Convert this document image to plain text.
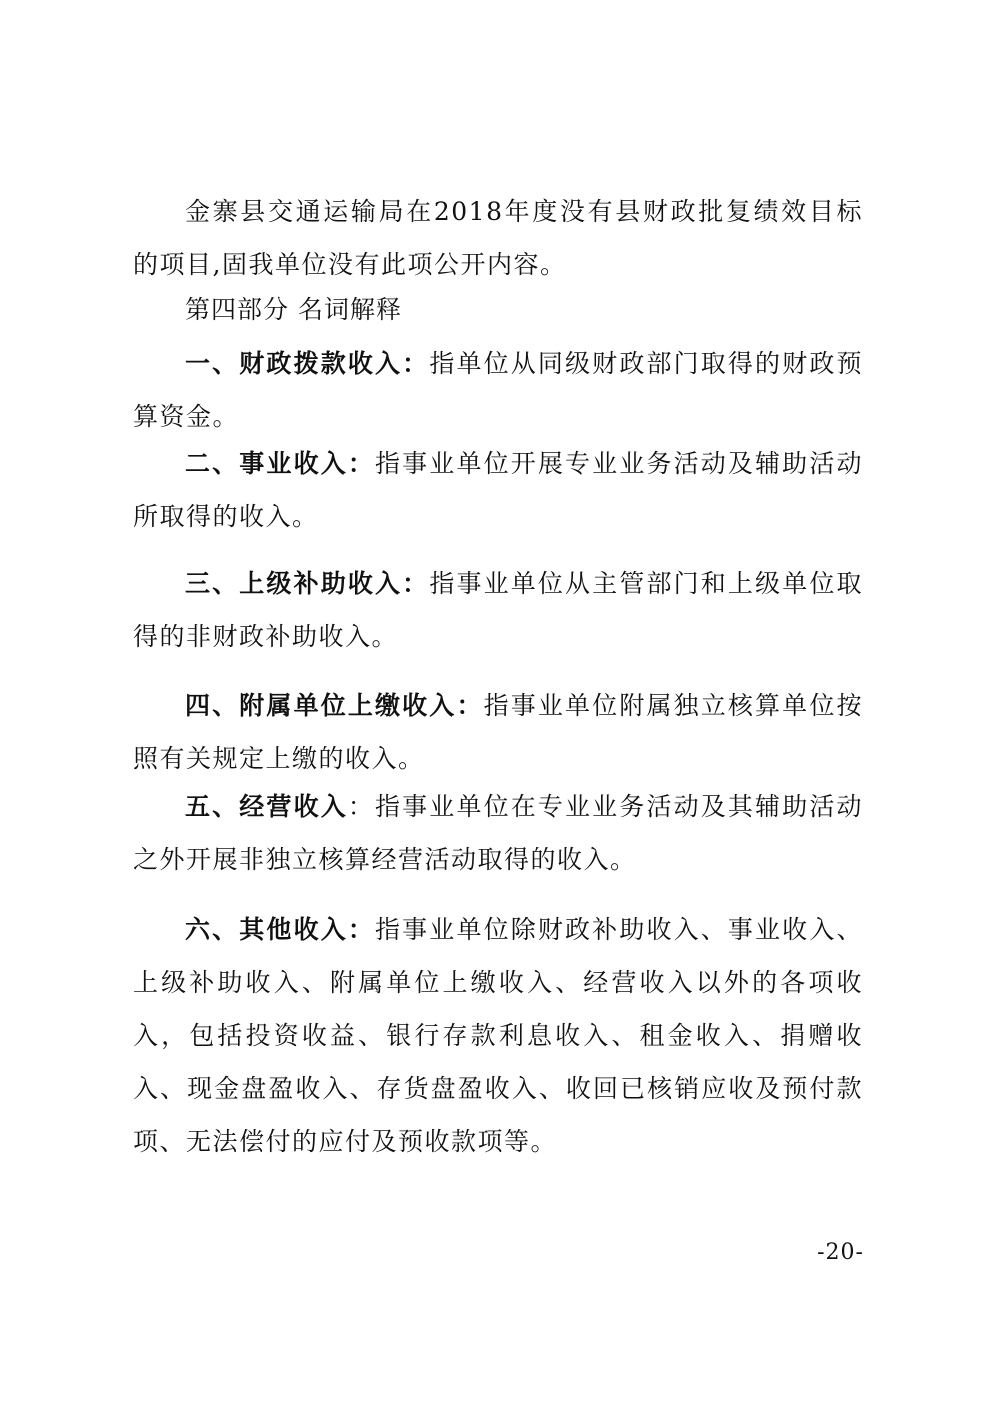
金寨县交通运输局在2018年度没有县财政批复绩效目标的项目,固我单位没有此项公开内容。

第四部分 名词解释

一、财政拨款收入：指单位从同级财政部门取得的财政预算资金。

二、事业收入：指事业单位开展专业业务活动及辅助活动所取得的收入。

三、上级补助收入：指事业单位从主管部门和上级单位取得的非财政补助收入。

四、附属单位上缴收入：指事业单位附属独立核算单位按照有关规定上缴的收入。

五、经营收入：指事业单位在专业业务活动及其辅助活动之外开展非独立核算经营活动取得的收入。

六、其他收入：指事业单位除财政补助收入、事业收入、上级补助收入、附属单位上缴收入、经营收入以外的各项收入，包括投资收益、银行存款利息收入、租金收入、捐赠收入、现金盘盈收入、存货盘盈收入、收回已核销应收及预付款项、无法偿付的应付及预收款项等。

-20-
